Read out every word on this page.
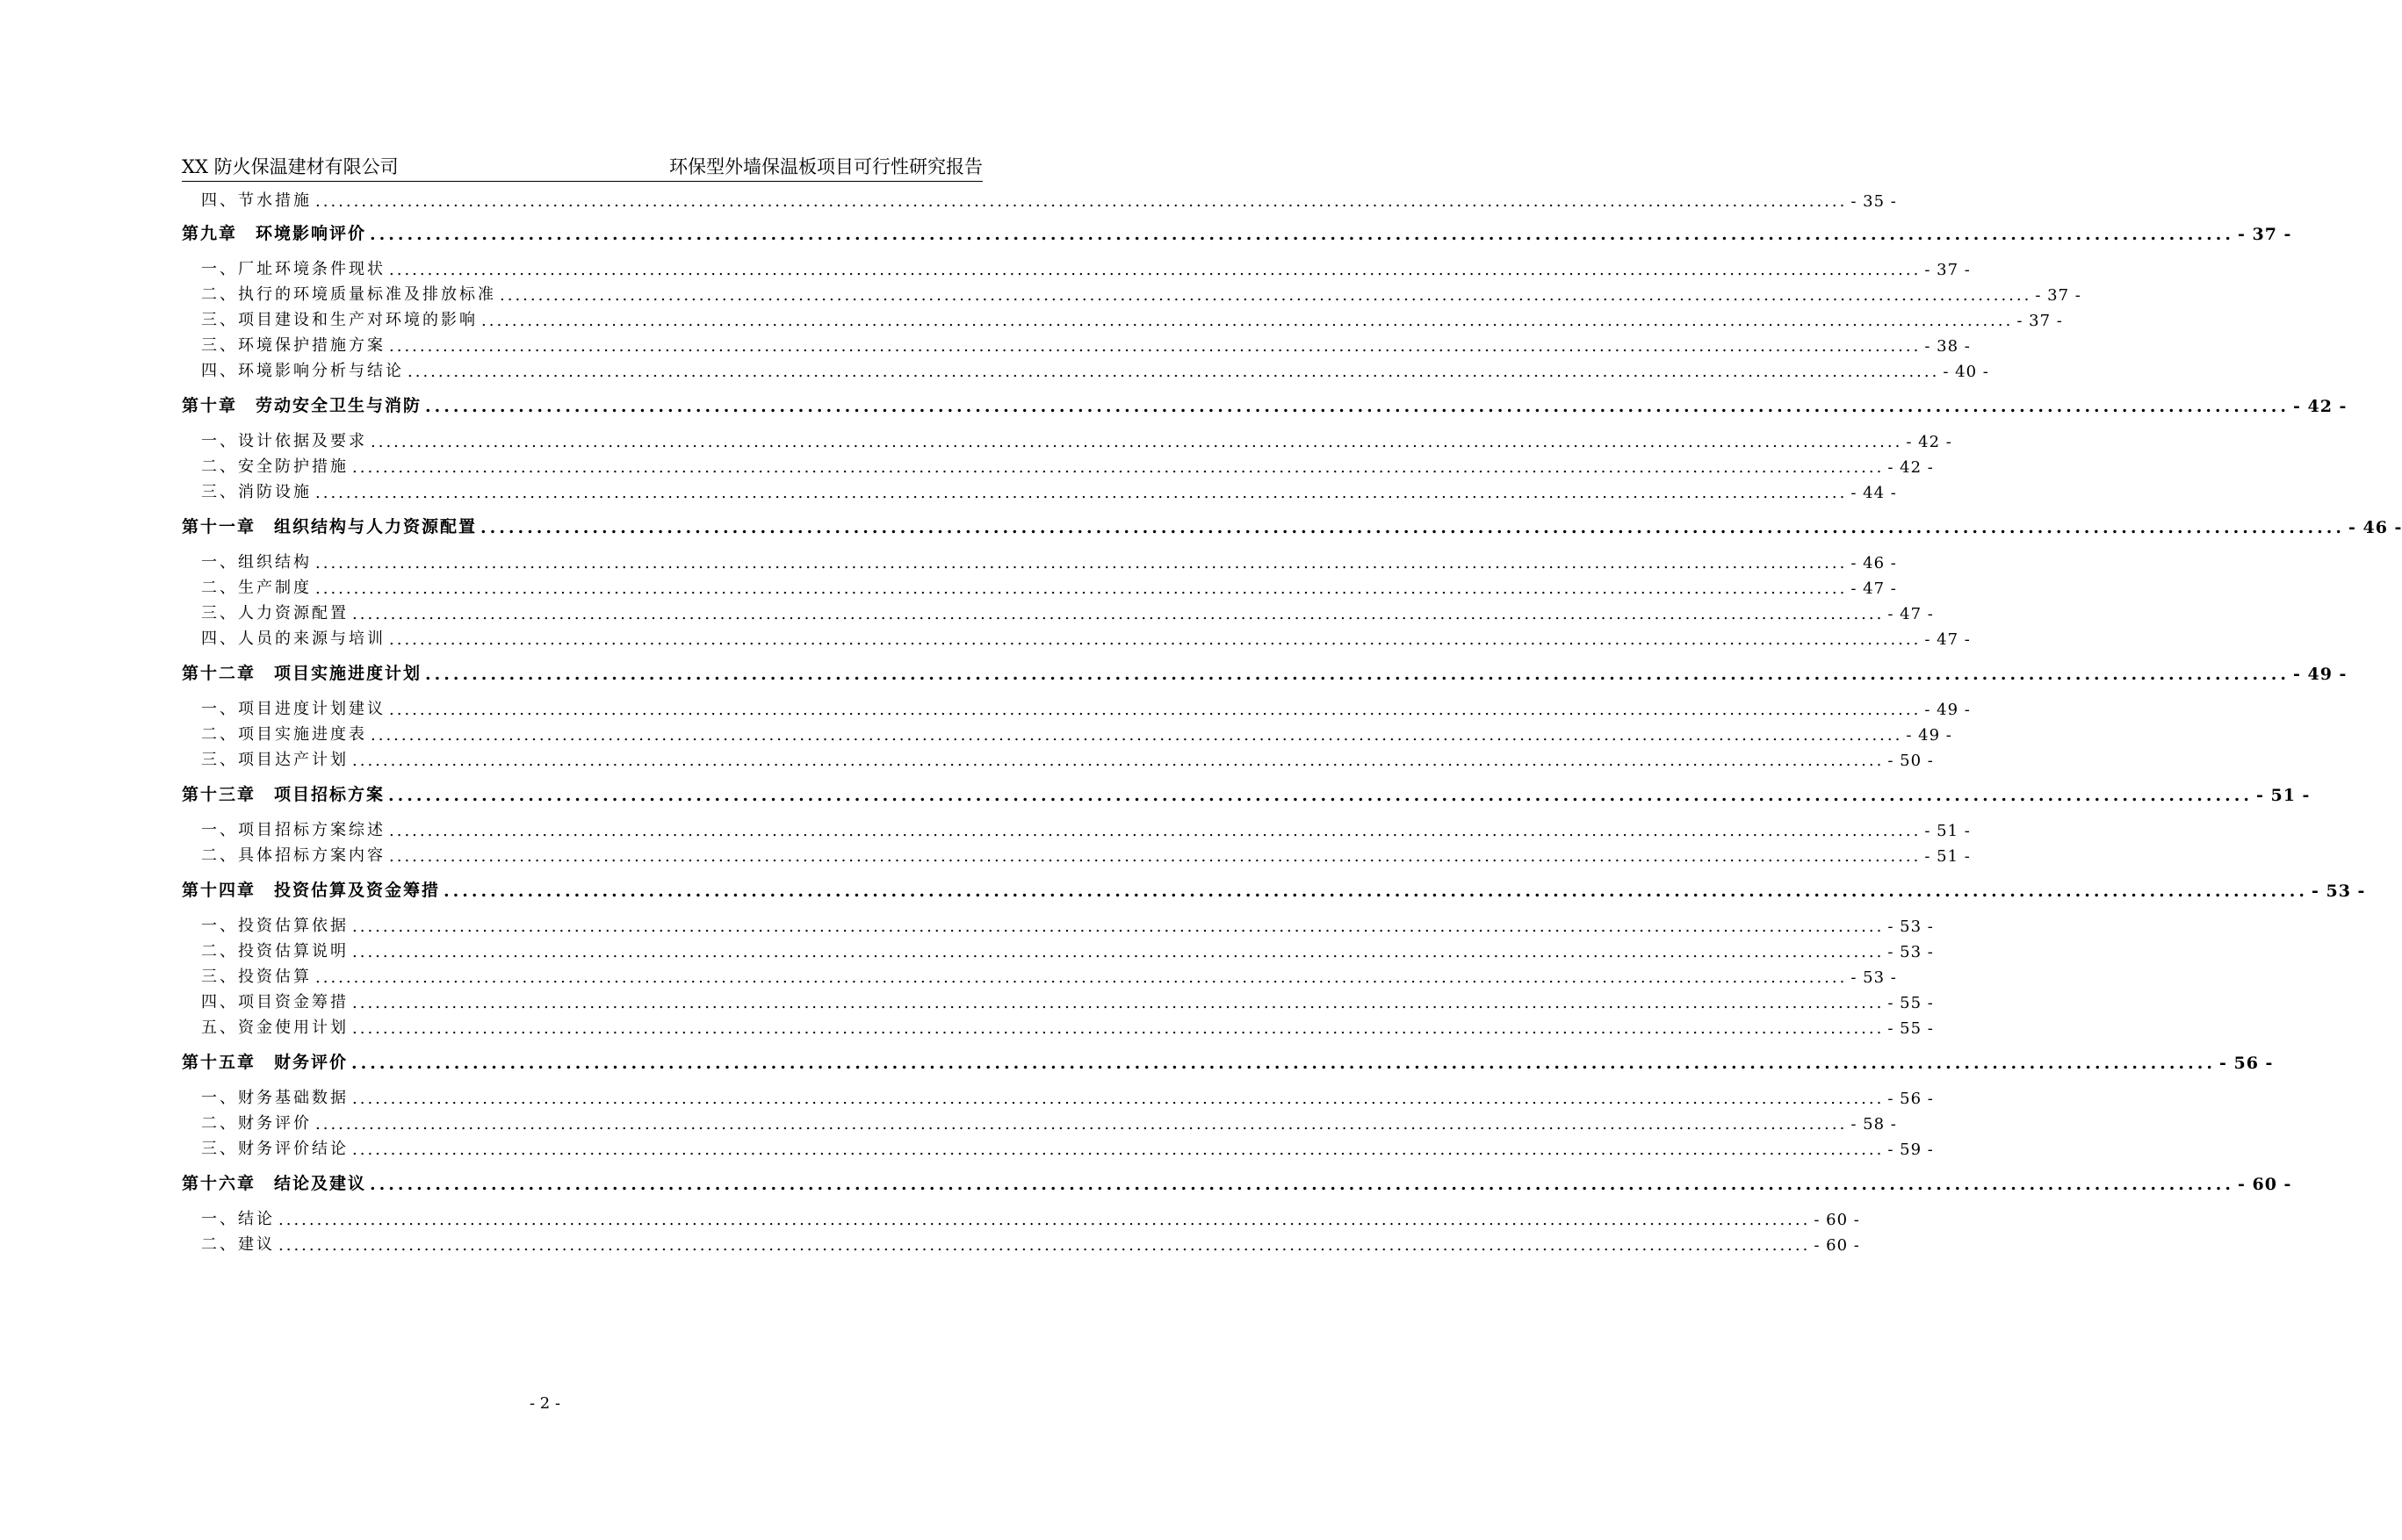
XX 防火保温建材有限公司	环保型外墙保温板项目可行性研究报告
四、节水措施 ........................................................................................................................................................................................................ - 35 -
第九章　环境影响评价 ........................................................................................................................................................................................................ - 37 -
一、厂址环境条件现状 ........................................................................................................................................................................................................ - 37 -
二、执行的环境质量标准及排放标准 ........................................................................................................................................................................................................ - 37 -
三、项目建设和生产对环境的影响 ........................................................................................................................................................................................................ - 37 -
三、环境保护措施方案 ........................................................................................................................................................................................................ - 38 -
四、环境影响分析与结论 ........................................................................................................................................................................................................ - 40 -
第十章　劳动安全卫生与消防 ........................................................................................................................................................................................................ - 42 -
一、设计依据及要求 ........................................................................................................................................................................................................ - 42 -
二、安全防护措施 ........................................................................................................................................................................................................ - 42 -
三、消防设施 ........................................................................................................................................................................................................ - 44 -
第十一章　组织结构与人力资源配置 ........................................................................................................................................................................................................ - 46 -
一、组织结构 ........................................................................................................................................................................................................ - 46 -
二、生产制度 ........................................................................................................................................................................................................ - 47 -
三、人力资源配置 ........................................................................................................................................................................................................ - 47 -
四、人员的来源与培训 ........................................................................................................................................................................................................ - 47 -
第十二章　项目实施进度计划 ........................................................................................................................................................................................................ - 49 -
一、项目进度计划建议 ........................................................................................................................................................................................................ - 49 -
二、项目实施进度表 ........................................................................................................................................................................................................ - 49 -
三、项目达产计划 ........................................................................................................................................................................................................ - 50 -
第十三章　项目招标方案 ........................................................................................................................................................................................................ - 51 -
一、项目招标方案综述 ........................................................................................................................................................................................................ - 51 -
二、具体招标方案内容 ........................................................................................................................................................................................................ - 51 -
第十四章　投资估算及资金筹措 ........................................................................................................................................................................................................ - 53 -
一、投资估算依据 ........................................................................................................................................................................................................ - 53 -
二、投资估算说明 ........................................................................................................................................................................................................ - 53 -
三、投资估算 ........................................................................................................................................................................................................ - 53 -
四、项目资金筹措 ........................................................................................................................................................................................................ - 55 -
五、资金使用计划 ........................................................................................................................................................................................................ - 55 -
第十五章　财务评价 ........................................................................................................................................................................................................ - 56 -
一、财务基础数据 ........................................................................................................................................................................................................ - 56 -
二、财务评价 ........................................................................................................................................................................................................ - 58 -
三、财务评价结论 ........................................................................................................................................................................................................ - 59 -
第十六章　结论及建议 ........................................................................................................................................................................................................ - 60 -
一、结论 ........................................................................................................................................................................................................ - 60 -
二、建议 ........................................................................................................................................................................................................ - 60 -
- 2 -
